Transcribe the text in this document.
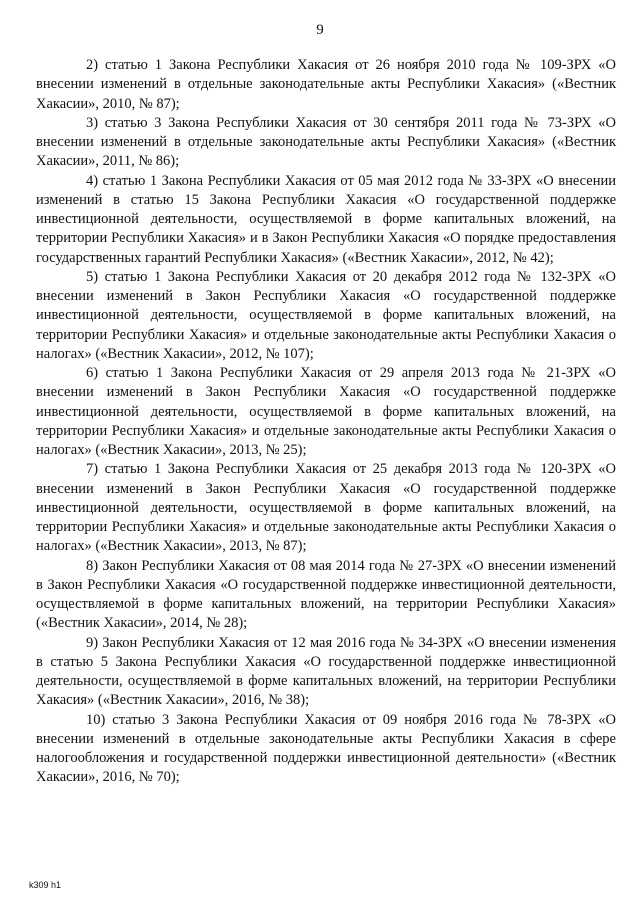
9

2) статью 1 Закона Республики Хакасия от 26 ноября 2010 года № 109-ЗРХ «О внесении изменений в отдельные законодательные акты Республики Хакасия» («Вестник Хакасии», 2010, № 87);

3) статью 3 Закона Республики Хакасия от 30 сентября 2011 года № 73-ЗРХ «О внесении изменений в отдельные законодательные акты Республики Хакасия» («Вестник Хакасии», 2011, № 86);

4) статью 1 Закона Республики Хакасия от 05 мая 2012 года № 33-ЗРХ «О внесении изменений в статью 15 Закона Республики Хакасия «О государственной поддержке инвестиционной деятельности, осуществляемой в форме капитальных вложений, на территории Республики Хакасия» и в Закон Республики Хакасия «О порядке предоставления государственных гарантий Республики Хакасия» («Вестник Хакасии», 2012, № 42);

5) статью 1 Закона Республики Хакасия от 20 декабря 2012 года № 132-ЗРХ «О внесении изменений в Закон Республики Хакасия «О государственной поддержке инвестиционной деятельности, осуществляемой в форме капитальных вложений, на территории Республики Хакасия» и отдельные законодательные акты Республики Хакасия о налогах» («Вестник Хакасии», 2012, № 107);

6) статью 1 Закона Республики Хакасия от 29 апреля 2013 года № 21-ЗРХ «О внесении изменений в Закон Республики Хакасия «О государственной поддержке инвестиционной деятельности, осуществляемой в форме капитальных вложений, на территории Республики Хакасия» и отдельные законодательные акты Республики Хакасия о налогах» («Вестник Хакасии», 2013, № 25);

7) статью 1 Закона Республики Хакасия от 25 декабря 2013 года № 120-ЗРХ «О внесении изменений в Закон Республики Хакасия «О государственной поддержке инвестиционной деятельности, осуществляемой в форме капитальных вложений, на территории Республики Хакасия» и отдельные законодательные акты Республики Хакасия о налогах» («Вестник Хакасии», 2013, № 87);

8) Закон Республики Хакасия от 08 мая 2014 года № 27-ЗРХ «О внесении изменений в Закон Республики Хакасия «О государственной поддержке инвестиционной деятельности, осуществляемой в форме капитальных вложений, на территории Республики Хакасия» («Вестник Хакасии», 2014, № 28);

9) Закон Республики Хакасия от 12 мая 2016 года № 34-ЗРХ «О внесении изменения в статью 5 Закона Республики Хакасия «О государственной поддержке инвестиционной деятельности, осуществляемой в форме капитальных вложений, на территории Республики Хакасия» («Вестник Хакасии», 2016, № 38);

10) статью 3 Закона Республики Хакасия от 09 ноября 2016 года № 78-ЗРХ «О внесении изменений в отдельные законодательные акты Республики Хакасия в сфере налогообложения и государственной поддержки инвестиционной деятельности» («Вестник Хакасии», 2016, № 70);

k309 h1
